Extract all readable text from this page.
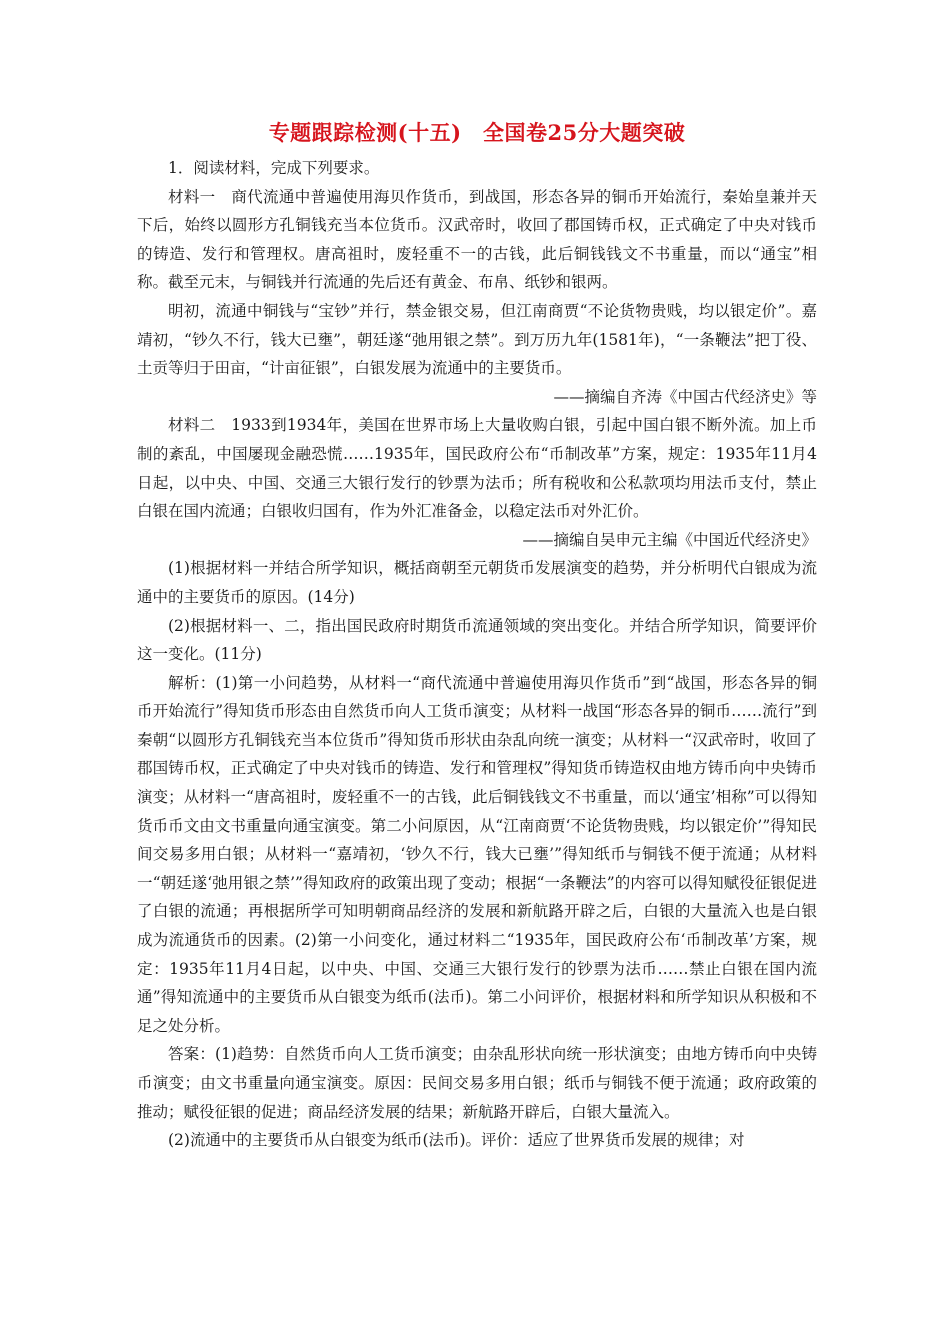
专题跟踪检测(十五)　全国卷25分大题突破

1．阅读材料，完成下列要求。

材料一　商代流通中普遍使用海贝作货币，到战国，形态各异的铜币开始流行，秦始皇兼并天下后，始终以圆形方孔铜钱充当本位货币。汉武帝时，收回了郡国铸币权，正式确定了中央对钱币的铸造、发行和管理权。唐高祖时，废轻重不一的古钱，此后铜钱钱文不书重量，而以“通宝”相称。截至元末，与铜钱并行流通的先后还有黄金、布帛、纸钞和银两。

明初，流通中铜钱与“宝钞”并行，禁金银交易，但江南商贾“不论货物贵贱，均以银定价”。嘉靖初，“钞久不行，钱大已壅”，朝廷遂“弛用银之禁”。到万历九年(1581年)，“一条鞭法”把丁役、土贡等归于田亩，“计亩征银”，白银发展为流通中的主要货币。

——摘编自齐涛《中国古代经济史》等

材料二　1933到1934年，美国在世界市场上大量收购白银，引起中国白银不断外流。加上币制的紊乱，中国屡现金融恐慌……1935年，国民政府公布“币制改革”方案，规定：1935年11月4日起，以中央、中国、交通三大银行发行的钞票为法币；所有税收和公私款项均用法币支付，禁止白银在国内流通；白银收归国有，作为外汇准备金，以稳定法币对外汇价。

——摘编自吴申元主编《中国近代经济史》

(1)根据材料一并结合所学知识，概括商朝至元朝货币发展演变的趋势，并分析明代白银成为流通中的主要货币的原因。(14分)

(2)根据材料一、二，指出国民政府时期货币流通领域的突出变化。并结合所学知识，简要评价这一变化。(11分)

解析：(1)第一小问趋势，从材料一“商代流通中普遍使用海贝作货币”到“战国，形态各异的铜币开始流行”得知货币形态由自然货币向人工货币演变；从材料一战国“形态各异的铜币……流行”到秦朝“以圆形方孔铜钱充当本位货币”得知货币形状由杂乱向统一演变；从材料一“汉武帝时，收回了郡国铸币权，正式确定了中央对钱币的铸造、发行和管理权”得知货币铸造权由地方铸币向中央铸币演变；从材料一“唐高祖时，废轻重不一的古钱，此后铜钱钱文不书重量，而以‘通宝’相称”可以得知货币币文由文书重量向通宝演变。第二小问原因，从“江南商贾‘不论货物贵贱，均以银定价’”得知民间交易多用白银；从材料一“嘉靖初，‘钞久不行，钱大已壅’”得知纸币与铜钱不便于流通；从材料一“朝廷遂‘弛用银之禁’”得知政府的政策出现了变动；根据“一条鞭法”的内容可以得知赋役征银促进了白银的流通；再根据所学可知明朝商品经济的发展和新航路开辟之后，白银的大量流入也是白银成为流通货币的因素。(2)第一小问变化，通过材料二“1935年，国民政府公布‘币制改革’方案，规定：1935年11月4日起，以中央、中国、交通三大银行发行的钞票为法币……禁止白银在国内流通”得知流通中的主要货币从白银变为纸币(法币)。第二小问评价，根据材料和所学知识从积极和不足之处分析。

答案：(1)趋势：自然货币向人工货币演变；由杂乱形状向统一形状演变；由地方铸币向中央铸币演变；由文书重量向通宝演变。原因：民间交易多用白银；纸币与铜钱不便于流通；政府政策的推动；赋役征银的促进；商品经济发展的结果；新航路开辟后，白银大量流入。

(2)流通中的主要货币从白银变为纸币(法币)。评价：适应了世界货币发展的规律；对
